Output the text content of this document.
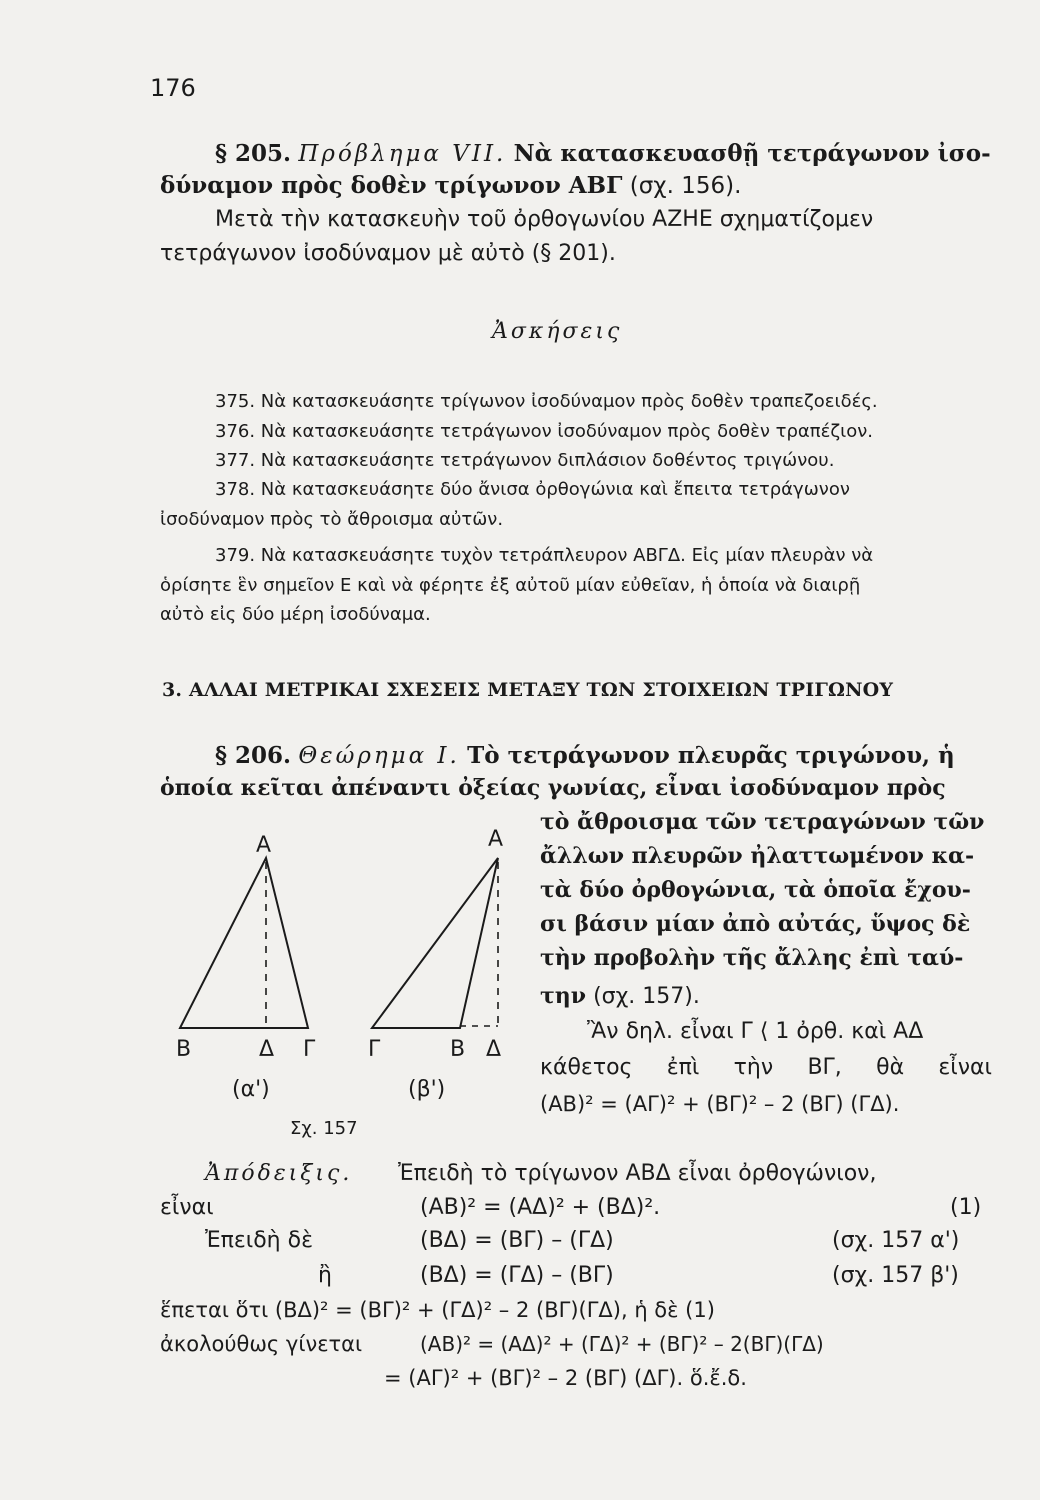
176
§ 205. Πρόβλημα VII. Νὰ κατασκευασθῇ τετράγωνον ἰσο-
δύναμον πρὸς δοθὲν τρίγωνον ΑΒΓ (σχ. 156).
Μετὰ τὴν κατασκευὴν τοῦ ὀρθογωνίου ΑΖΗΕ σχηματίζομεν
τετράγωνον ἰσοδύναμον μὲ αὐτὸ (§ 201).
Ἀσκήσεις
375. Νὰ κατασκευάσητε τρίγωνον ἰσοδύναμον πρὸς δοθὲν τραπεζοειδές.
376. Νὰ κατασκευάσητε τετράγωνον ἰσοδύναμον πρὸς δοθὲν τραπέζιον.
377. Νὰ κατασκευάσητε τετράγωνον διπλάσιον δοθέντος τριγώνου.
378. Νὰ κατασκευάσητε δύο ἄνισα ὀρθογώνια καὶ ἔπειτα τετράγωνον
ἰσοδύναμον πρὸς τὸ ἄθροισμα αὐτῶν.
379. Νὰ κατασκευάσητε τυχὸν τετράπλευρον ΑΒΓΔ. Εἰς μίαν πλευρὰν νὰ
ὁρίσητε ἓν σημεῖον Ε καὶ νὰ φέρητε ἐξ αὐτοῦ μίαν εὐθεῖαν, ἡ ὁποία νὰ διαιρῇ
αὐτὸ εἰς δύο μέρη ἰσοδύναμα.
3. ΑΛΛΑΙ ΜΕΤΡΙΚΑΙ ΣΧΕΣΕΙΣ ΜΕΤΑΞΥ ΤΩΝ ΣΤΟΙΧΕΙΩΝ ΤΡΙΓΩΝΟΥ
§ 206. Θεώρημα I. Τὸ τετράγωνον πλευρᾶς τριγώνου, ἡ
ὁποία κεῖται ἀπέναντι ὀξείας γωνίας, εἶναι ἰσοδύναμον πρὸς
τὸ ἄθροισμα τῶν τετραγώνων τῶν
ἄλλων πλευρῶν ἠλαττωμένον κα-
τὰ δύο ὀρθογώνια, τὰ ὁποῖα ἔχου-
σι βάσιν μίαν ἀπὸ αὐτάς, ὕψος δὲ
τὴν προβολὴν τῆς ἄλλης ἐπὶ ταύ-
την (σχ. 157).
Ἂν δηλ. εἶναι Γ ⟨ 1 ὀρθ. καὶ ΑΔ
κάθετος ἐπὶ τὴν ΒΓ, θὰ εἶναι
(ΑΒ)² = (ΑΓ)² + (ΒΓ)² – 2 (ΒΓ) (ΓΔ).
Α
Β	Δ Γ
(α')
Α
Γ	Β Δ
(β')
Σχ. 157
Ἀπόδειξις. Ἐπειδὴ τὸ τρίγωνον ΑΒΔ εἶναι ὀρθογώνιον,
εἶναι	(ΑΒ)² = (ΑΔ)² + (ΒΔ)².	(1)
Ἐπειδὴ δὲ	(ΒΔ) = (ΒΓ) – (ΓΔ)	(σχ. 157 α')
ἢ	(ΒΔ) = (ΓΔ) – (ΒΓ)	(σχ. 157 β')
ἕπεται ὅτι (ΒΔ)² = (ΒΓ)² + (ΓΔ)² – 2 (ΒΓ)(ΓΔ), ἡ δὲ (1)
ἀκολούθως γίνεται	(ΑΒ)² = (ΑΔ)² + (ΓΔ)² + (ΒΓ)² – 2(ΒΓ)(ΓΔ)
= (ΑΓ)² + (ΒΓ)² – 2 (ΒΓ) (ΔΓ). ὅ.ἔ.δ.
